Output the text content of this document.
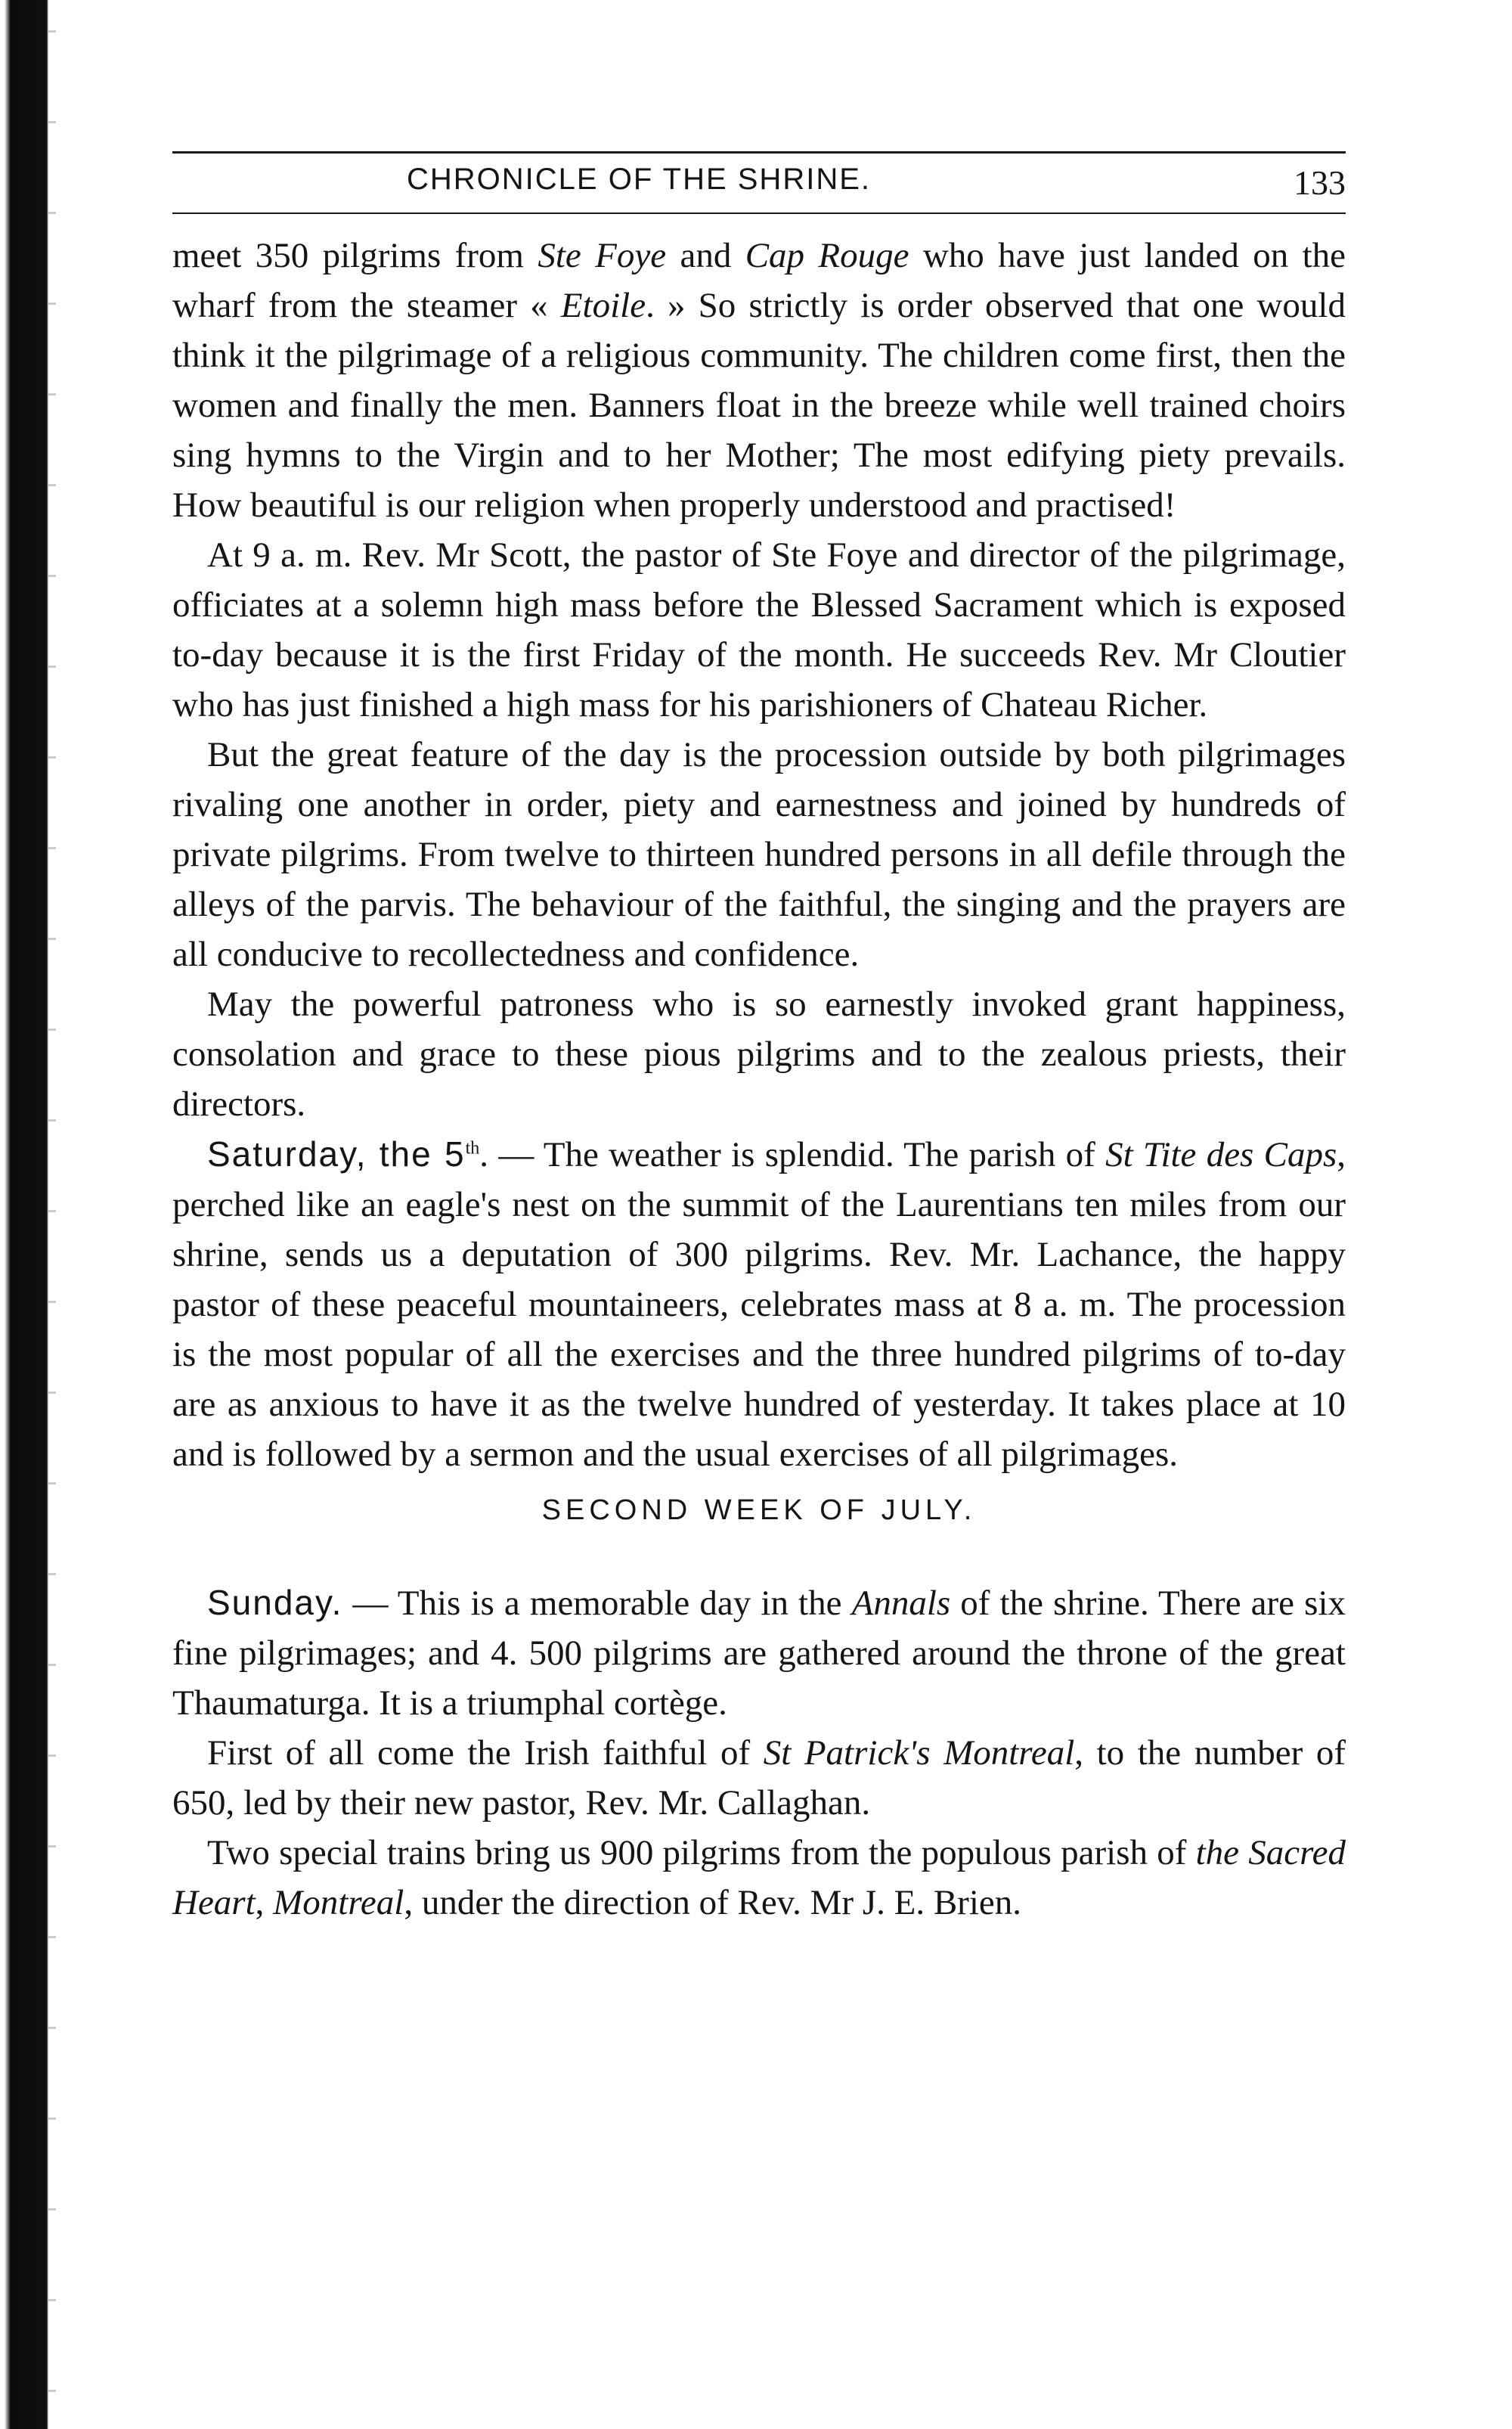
CHRONICLE OF THE SHRINE.	133

meet 350 pilgrims from Ste Foye and Cap Rouge who have just landed on the wharf from the steamer « Etoile. » So strictly is order observed that one would think it the pilgrimage of a religious community. The children come first, then the women and finally the men. Banners float in the breeze while well trained choirs sing hymns to the Virgin and to her Mother; The most edifying piety prevails. How beautiful is our religion when properly understood and practised!

At 9 a. m. Rev. Mr Scott, the pastor of Ste Foye and director of the pilgrimage, officiates at a solemn high mass before the Blessed Sacrament which is exposed to-day because it is the first Friday of the month. He succeeds Rev. Mr Cloutier who has just finished a high mass for his parishioners of Chateau Richer.

But the great feature of the day is the procession outside by both pilgrimages rivaling one another in order, piety and earnestness and joined by hundreds of private pilgrims. From twelve to thirteen hundred persons in all defile through the alleys of the parvis. The behaviour of the faithful, the singing and the prayers are all conducive to recollectedness and confidence.

May the powerful patroness who is so earnestly invoked grant happiness, consolation and grace to these pious pilgrims and to the zealous priests, their directors.

Saturday, the 5th. — The weather is splendid. The parish of St Tite des Caps, perched like an eagle's nest on the summit of the Laurentians ten miles from our shrine, sends us a deputation of 300 pilgrims. Rev. Mr. Lachance, the happy pastor of these peaceful mountaineers, celebrates mass at 8 a. m. The procession is the most popular of all the exercises and the three hundred pilgrims of to-day are as anxious to have it as the twelve hundred of yesterday. It takes place at 10 and is followed by a sermon and the usual exercises of all pilgrimages.

SECOND WEEK OF JULY.

Sunday. — This is a memorable day in the Annals of the shrine. There are six fine pilgrimages; and 4. 500 pilgrims are gathered around the throne of the great Thaumaturga. It is a triumphal cortège.

First of all come the Irish faithful of St Patrick's Montreal, to the number of 650, led by their new pastor, Rev. Mr. Callaghan.

Two special trains bring us 900 pilgrims from the populous parish of the Sacred Heart, Montreal, under the direction of Rev. Mr J. E. Brien.
